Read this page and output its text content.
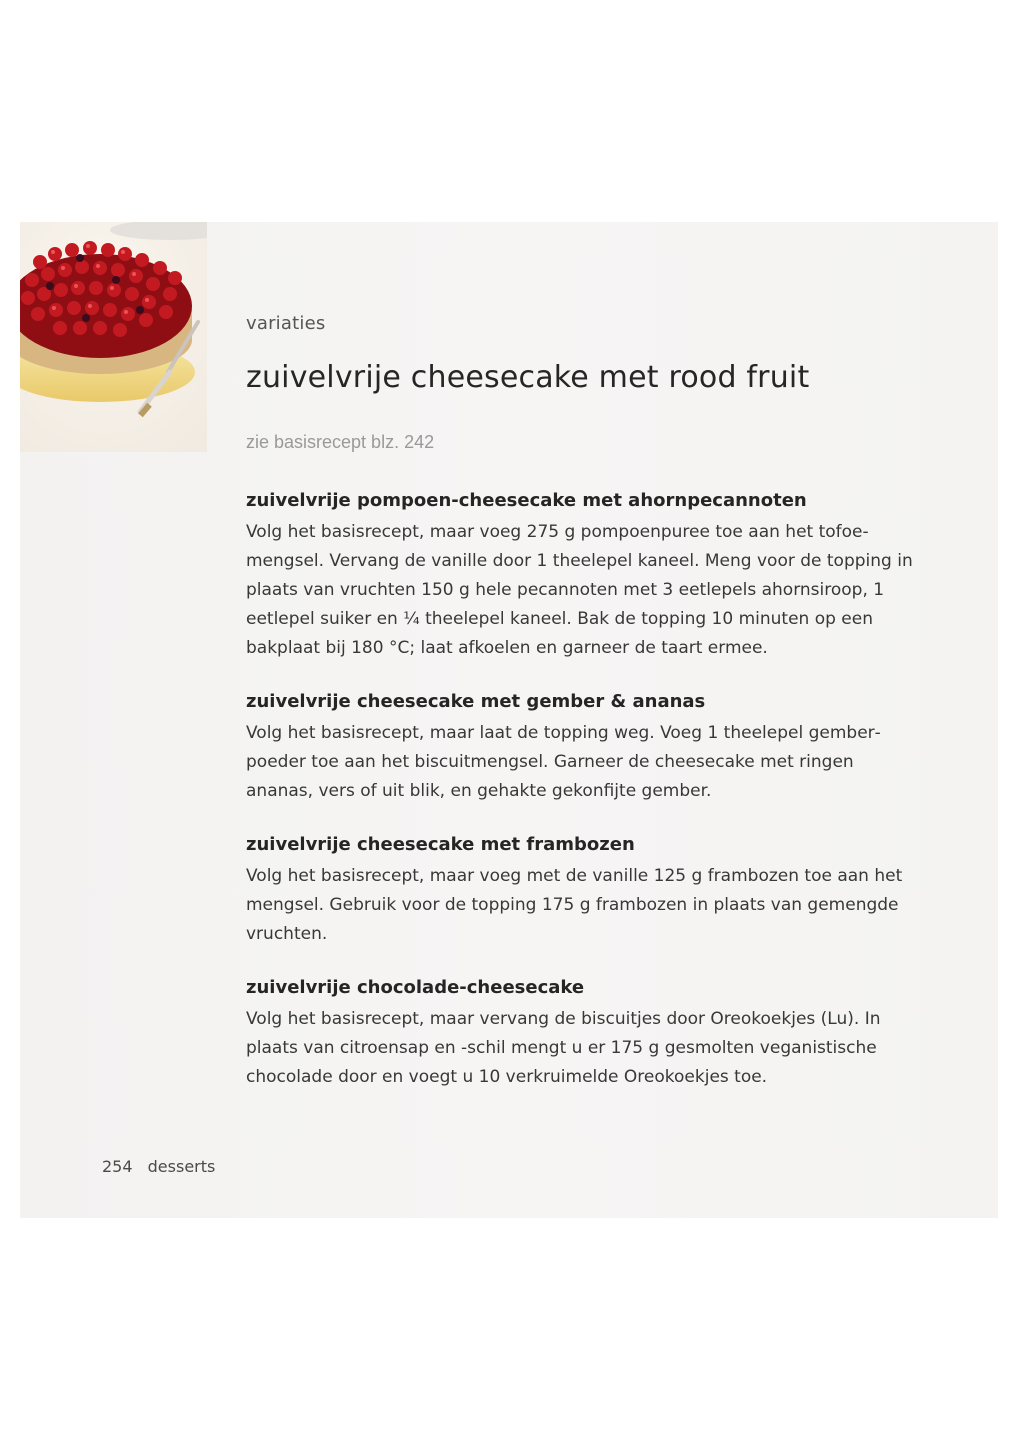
variaties
zuivelvrije cheesecake met rood fruit
zie basisrecept blz. 242
zuivelvrije pompoen-cheesecake met ahornpecannoten

Volg het basisrecept, maar voeg 275 g pompoenpuree toe aan het tofoemengsel. Vervang de vanille door 1 theelepel kaneel. Meng voor de topping in plaats van vruchten 150 g hele pecannoten met 3 eetlepels ahornsiroop, 1 eetlepel suiker en ¼ theelepel kaneel. Bak de topping 10 minuten op een bakplaat bij 180 °C; laat afkoelen en garneer de taart ermee.

zuivelvrije cheesecake met gember & ananas

Volg het basisrecept, maar laat de topping weg. Voeg 1 theelepel gemberpoeder toe aan het biscuitmengsel. Garneer de cheesecake met ringen ananas, vers of uit blik, en gehakte gekonfijte gember.

zuivelvrije cheesecake met frambozen

Volg het basisrecept, maar voeg met de vanille 125 g frambozen toe aan het mengsel. Gebruik voor de topping 175 g frambozen in plaats van gemengde vruchten.

zuivelvrije chocolade-cheesecake

Volg het basisrecept, maar vervang de biscuitjes door Oreokoekjes (Lu). In plaats van citroensap en -schil mengt u er 175 g gesmolten veganistische chocolade door en voegt u 10 verkruimelde Oreokoekjes toe.

254 desserts
